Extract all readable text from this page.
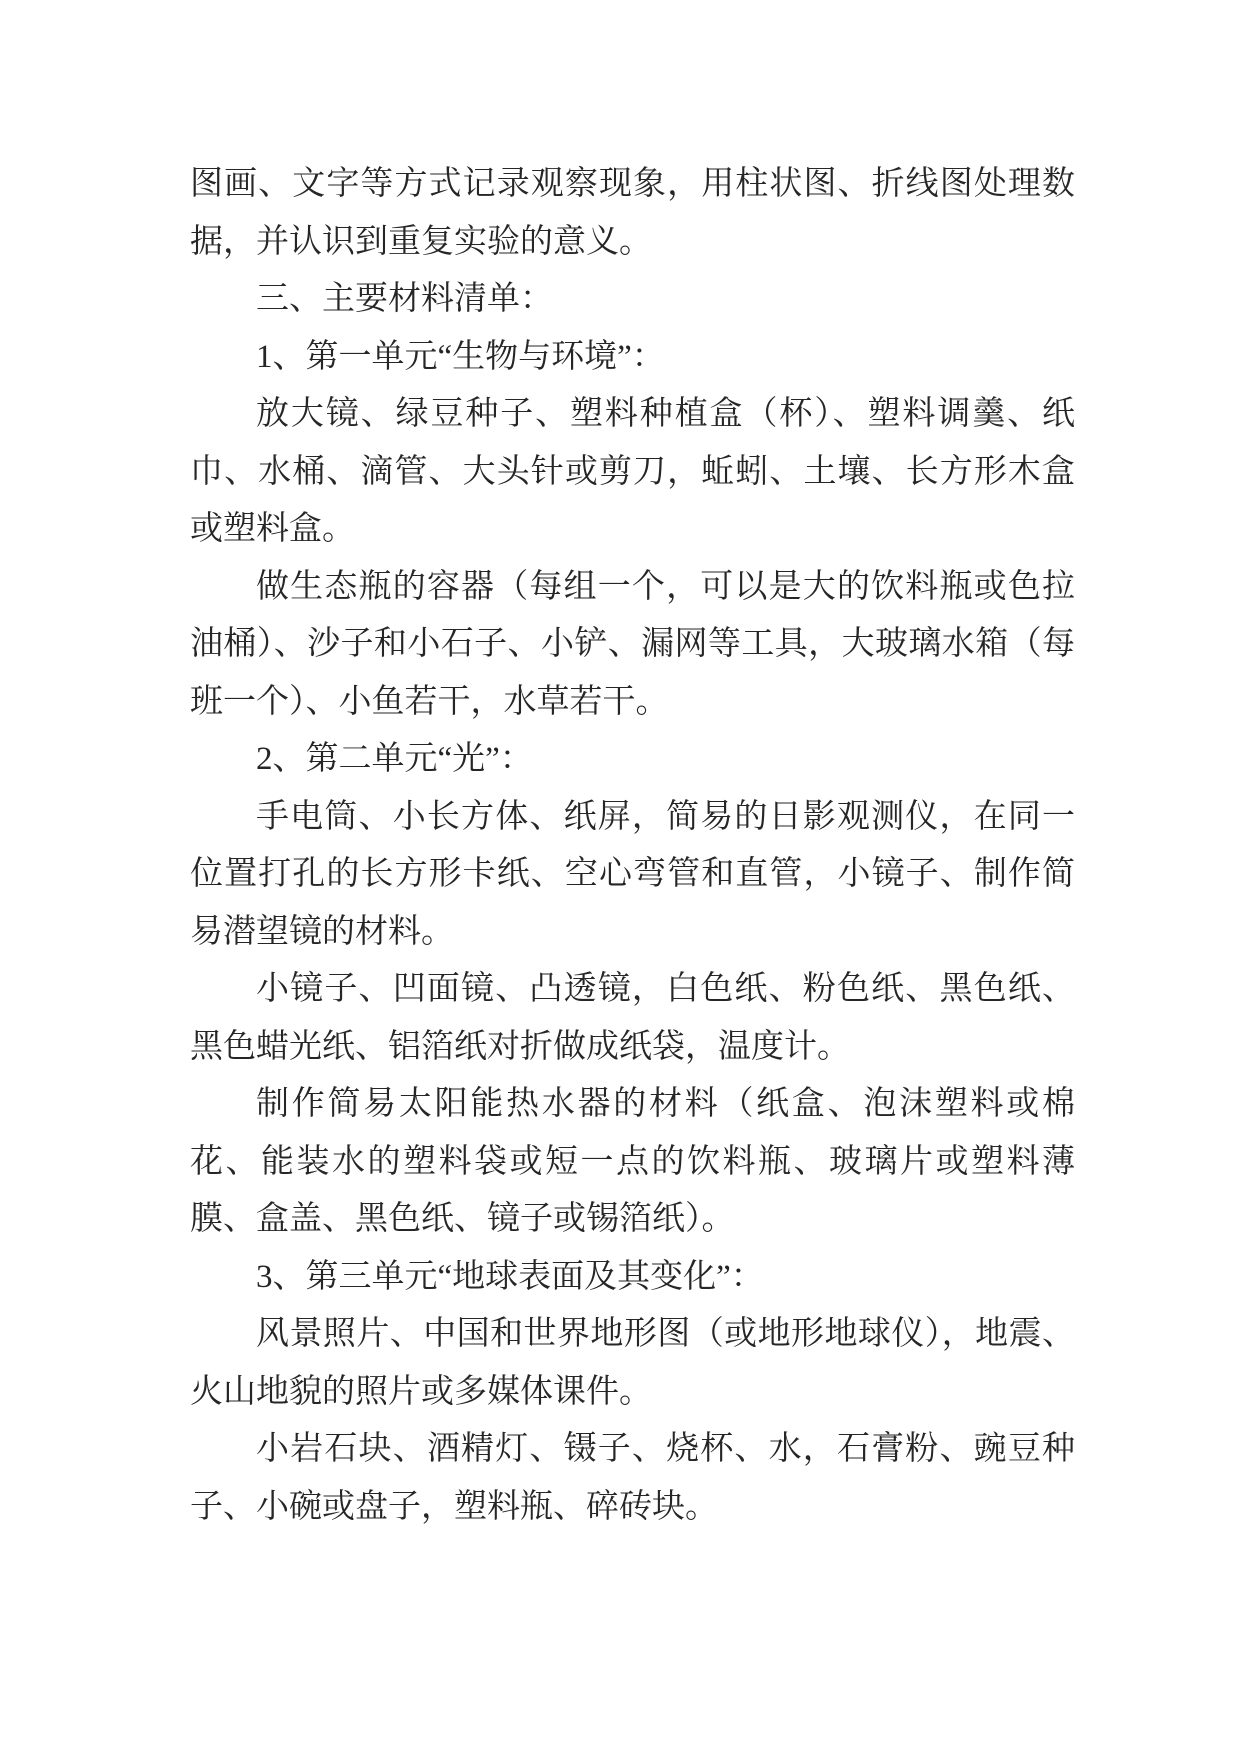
图画、文字等方式记录观察现象，用柱状图、折线图处理数据，并认识到重复实验的意义。

三、主要材料清单：

1、第一单元“生物与环境”：

放大镜、绿豆种子、塑料种植盒（杯）、塑料调羹、纸巾、水桶、滴管、大头针或剪刀，蚯蚓、土壤、长方形木盒或塑料盒。

做生态瓶的容器（每组一个，可以是大的饮料瓶或色拉油桶）、沙子和小石子、小铲、漏网等工具，大玻璃水箱（每班一个）、小鱼若干，水草若干。

2、第二单元“光”：

手电筒、小长方体、纸屏，简易的日影观测仪，在同一位置打孔的长方形卡纸、空心弯管和直管，小镜子、制作简易潜望镜的材料。

小镜子、凹面镜、凸透镜，白色纸、粉色纸、黑色纸、黑色蜡光纸、铝箔纸对折做成纸袋，温度计。

制作简易太阳能热水器的材料（纸盒、泡沫塑料或棉花、能装水的塑料袋或短一点的饮料瓶、玻璃片或塑料薄膜、盒盖、黑色纸、镜子或锡箔纸）。

3、第三单元“地球表面及其变化”：

风景照片、中国和世界地形图（或地形地球仪），地震、火山地貌的照片或多媒体课件。

小岩石块、酒精灯、镊子、烧杯、水，石膏粉、豌豆种子、小碗或盘子，塑料瓶、碎砖块。
